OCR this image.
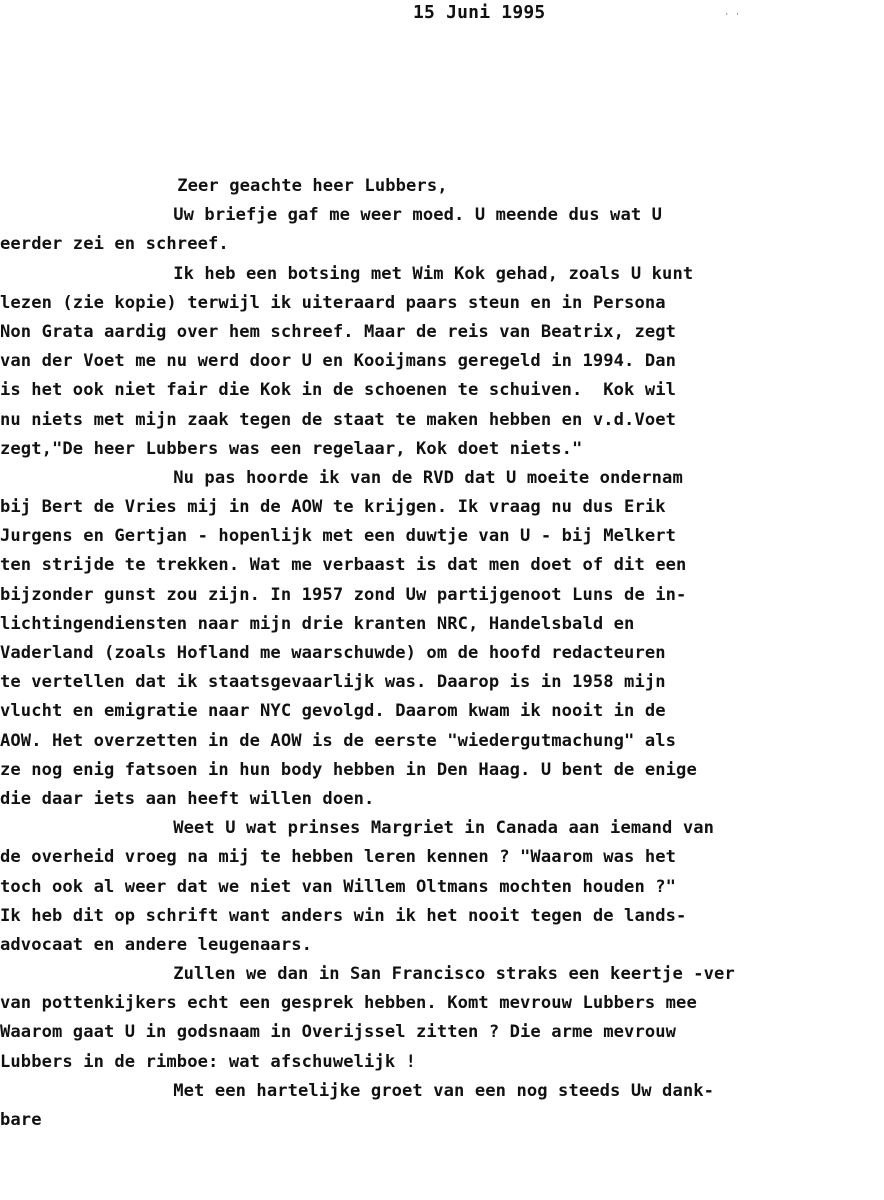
15 Juni 1995	· ·
Zeer geachte heer Lubbers,
Uw briefje gaf me weer moed. U meende dus wat U
eerder zei en schreef.
Ik heb een botsing met Wim Kok gehad, zoals U kunt
lezen (zie kopie) terwijl ik uiteraard paars steun en in Persona
Non Grata aardig over hem schreef. Maar de reis van Beatrix, zegt
van der Voet me nu werd door U en Kooijmans geregeld in 1994. Dan
is het ook niet fair die Kok in de schoenen te schuiven.  Kok wil
nu niets met mijn zaak tegen de staat te maken hebben en v.d.Voet
zegt,"De heer Lubbers was een regelaar, Kok doet niets."
Nu pas hoorde ik van de RVD dat U moeite ondernam
bij Bert de Vries mij in de AOW te krijgen. Ik vraag nu dus Erik
Jurgens en Gertjan - hopenlijk met een duwtje van U - bij Melkert
ten strijde te trekken. Wat me verbaast is dat men doet of dit een
bijzonder gunst zou zijn. In 1957 zond Uw partijgenoot Luns de in-
lichtingendiensten naar mijn drie kranten NRC, Handelsbald en
Vaderland (zoals Hofland me waarschuwde) om de hoofd redacteuren
te vertellen dat ik staatsgevaarlijk was. Daarop is in 1958 mijn
vlucht en emigratie naar NYC gevolgd. Daarom kwam ik nooit in de
AOW. Het overzetten in de AOW is de eerste "wiedergutmachung" als
ze nog enig fatsoen in hun body hebben in Den Haag. U bent de enige
die daar iets aan heeft willen doen.
Weet U wat prinses Margriet in Canada aan iemand van
de overheid vroeg na mij te hebben leren kennen ? "Waarom was het
toch ook al weer dat we niet van Willem Oltmans mochten houden ?"
Ik heb dit op schrift want anders win ik het nooit tegen de lands-
advocaat en andere leugenaars.
Zullen we dan in San Francisco straks een keertje -ver
van pottenkijkers echt een gesprek hebben. Komt mevrouw Lubbers mee
Waarom gaat U in godsnaam in Overijssel zitten ? Die arme mevrouw
Lubbers in de rimboe: wat afschuwelijk !
Met een hartelijke groet van een nog steeds Uw dank-
bare
